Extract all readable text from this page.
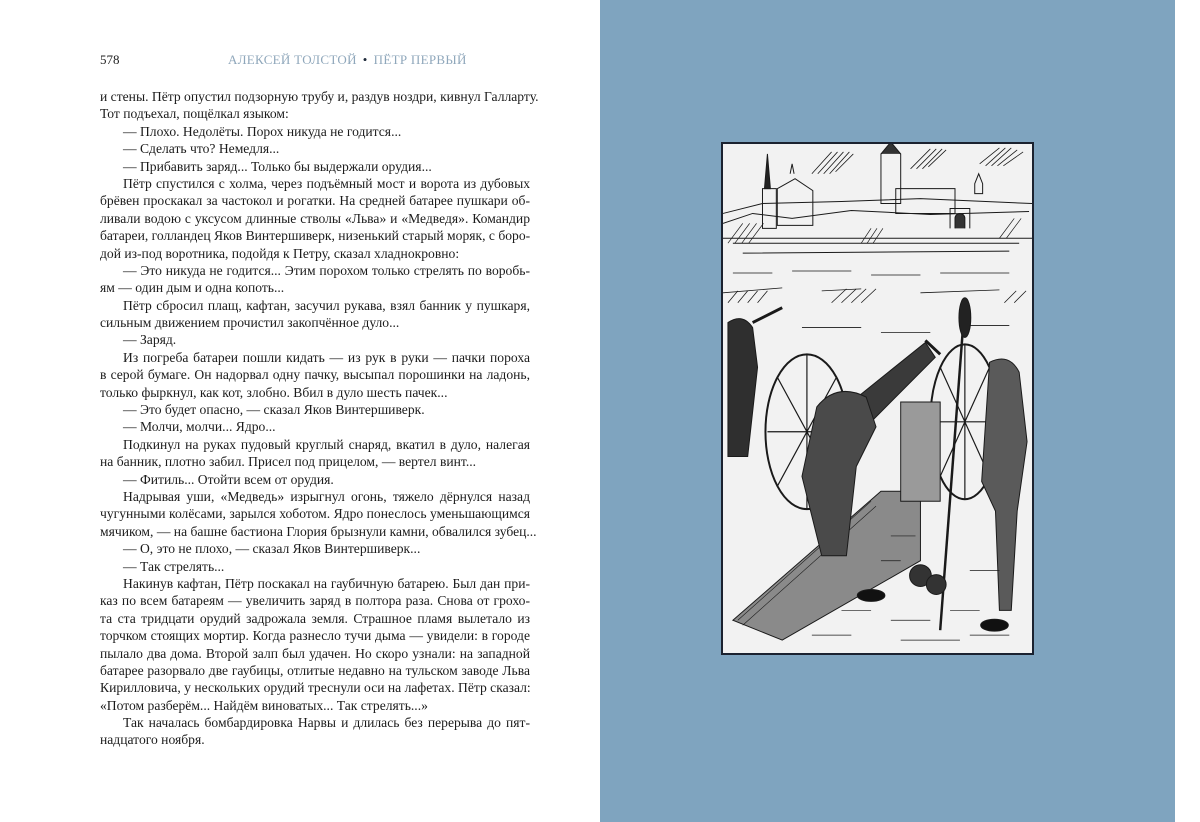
578	АЛЕКСЕЙ ТОЛСТОЙ • ПЁТР ПЕРВЫЙ
и стены. Пётр опустил подзорную трубу и, раздув ноздри, кивнул Галларту.
Тот подъехал, пощёлкал языком:
— Плохо. Недолёты. Порох никуда не годится...
— Сделать что? Немедля...
— Прибавить заряд... Только бы выдержали орудия...
Пётр спустился с холма, через подъёмный мост и ворота из дубовых
брёвен проскакал за частокол и рогатки. На средней батарее пушкари об-
ливали водою с уксусом длинные стволы «Льва» и «Медведя». Командир
батареи, голландец Яков Винтершиверк, низенький старый моряк, с боро-
дой из-под воротника, подойдя к Петру, сказал хладнокровно:
— Это никуда не годится... Этим порохом только стрелять по воробь-
ям — один дым и одна копоть...
Пётр сбросил плащ, кафтан, засучил рукава, взял банник у пушкаря,
сильным движением прочистил закопчённое дуло...
— Заряд.
Из погреба батареи пошли кидать — из рук в руки — пачки пороха
в серой бумаге. Он надорвал одну пачку, высыпал порошинки на ладонь,
только фыркнул, как кот, злобно. Вбил в дуло шесть пачек...
— Это будет опасно, — сказал Яков Винтершиверк.
— Молчи, молчи... Ядро...
Подкинул на руках пудовый круглый снаряд, вкатил в дуло, налегая
на банник, плотно забил. Присел под прицелом, — вертел винт...
— Фитиль... Отойти всем от орудия.
Надрывая уши, «Медведь» изрыгнул огонь, тяжело дёрнулся назад
чугунными колёсами, зарылся хоботом. Ядро понеслось уменьшающимся
мячиком, — на башне бастиона Глория брызнули камни, обвалился зубец...
— О, это не плохо, — сказал Яков Винтершиверк...
— Так стрелять...
Накинув кафтан, Пётр поскакал на гаубичную батарею. Был дан при-
каз по всем батареям — увеличить заряд в полтора раза. Снова от грохо-
та ста тридцати орудий задрожала земля. Страшное пламя вылетало из
торчком стоящих мортир. Когда разнесло тучи дыма — увидели: в городе
пылало два дома. Второй залп был удачен. Но скоро узнали: на западной
батарее разорвало две гаубицы, отлитые недавно на тульском заводе Льва
Кирилловича, у нескольких орудий треснули оси на лафетах. Пётр сказал:
«Потом разберём... Найдём виноватых... Так стрелять...»
Так началась бомбардировка Нарвы и длилась без перерыва до пят-
надцатого ноября.
